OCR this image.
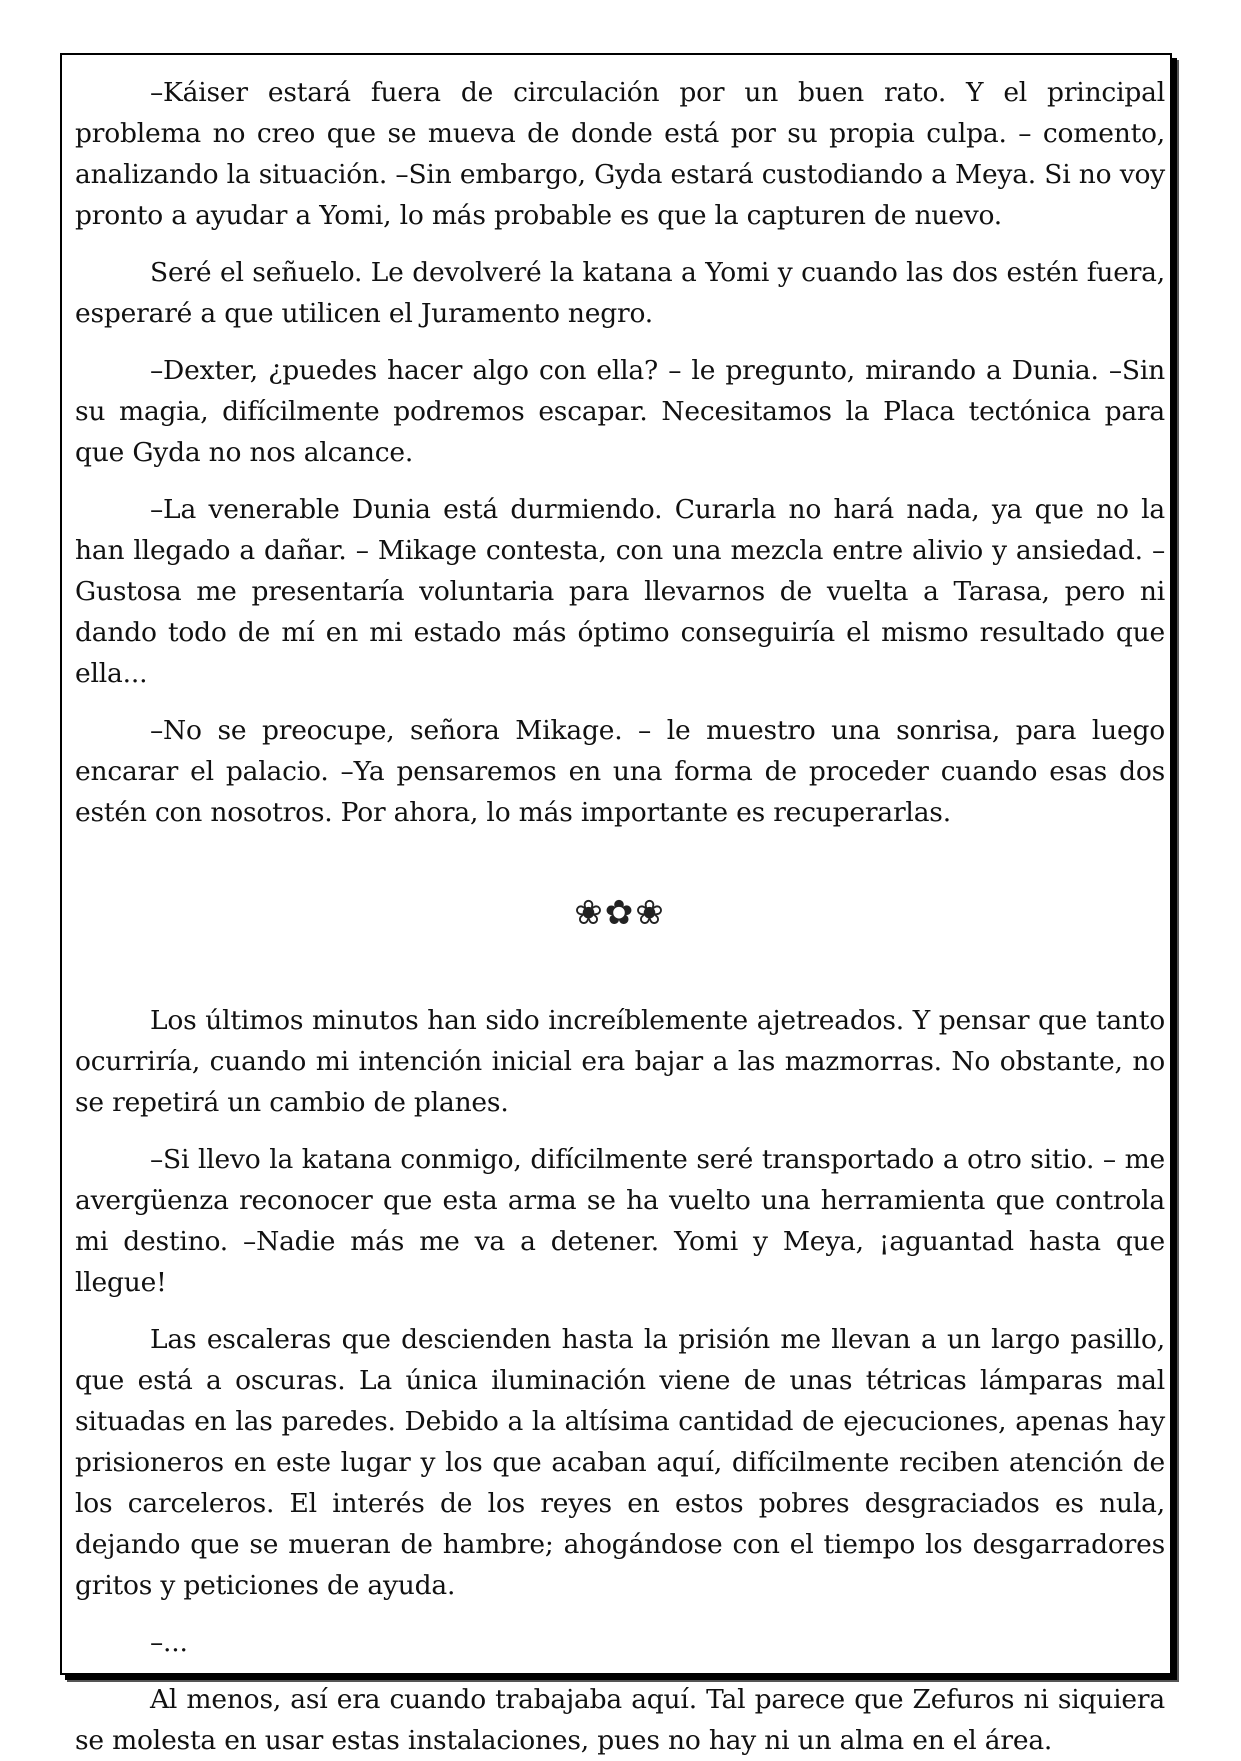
–Káiser estará fuera de circulación por un buen rato. Y el principal problema no creo que se mueva de donde está por su propia culpa. – comento, analizando la situación. –Sin embargo, Gyda estará custodiando a Meya. Si no voy pronto a ayudar a Yomi, lo más probable es que la capturen de nuevo.

Seré el señuelo. Le devolveré la katana a Yomi y cuando las dos estén fuera, esperaré a que utilicen el Juramento negro.

–Dexter, ¿puedes hacer algo con ella? – le pregunto, mirando a Dunia. –Sin su magia, difícilmente podremos escapar. Necesitamos la Placa tectónica para que Gyda no nos alcance.

–La venerable Dunia está durmiendo. Curarla no hará nada, ya que no la han llegado a dañar. – Mikage contesta, con una mezcla entre alivio y ansiedad. –Gustosa me presentaría voluntaria para llevarnos de vuelta a Tarasa, pero ni dando todo de mí en mi estado más óptimo conseguiría el mismo resultado que ella...

–No se preocupe, señora Mikage. – le muestro una sonrisa, para luego encarar el palacio. –Ya pensaremos en una forma de proceder cuando esas dos estén con nosotros. Por ahora, lo más importante es recuperarlas.

❀✿❀

Los últimos minutos han sido increíblemente ajetreados. Y pensar que tanto ocurriría, cuando mi intención inicial era bajar a las mazmorras. No obstante, no se repetirá un cambio de planes.

–Si llevo la katana conmigo, difícilmente seré transportado a otro sitio. – me avergüenza reconocer que esta arma se ha vuelto una herramienta que controla mi destino. –Nadie más me va a detener. Yomi y Meya, ¡aguantad hasta que llegue!

Las escaleras que descienden hasta la prisión me llevan a un largo pasillo, que está a oscuras. La única iluminación viene de unas tétricas lámparas mal situadas en las paredes. Debido a la altísima cantidad de ejecuciones, apenas hay prisioneros en este lugar y los que acaban aquí, difícilmente reciben atención de los carceleros. El interés de los reyes en estos pobres desgraciados es nula, dejando que se mueran de hambre; ahogándose con el tiempo los desgarradores gritos y peticiones de ayuda.

–...

Al menos, así era cuando trabajaba aquí. Tal parece que Zefuros ni siquiera se molesta en usar estas instalaciones, pues no hay ni un alma en el área.
